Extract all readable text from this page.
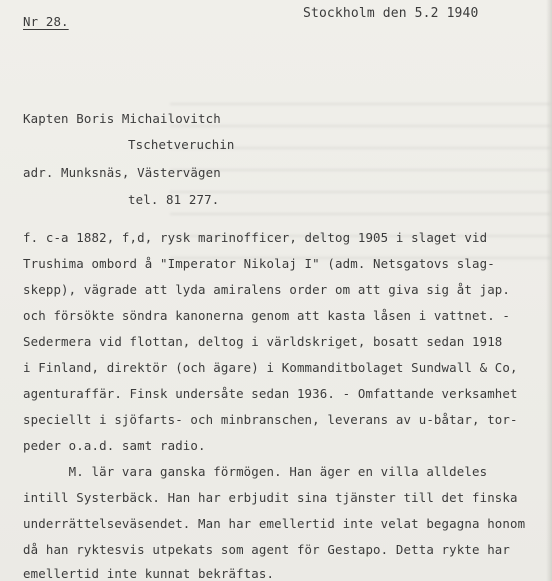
Nr 28.
Stockholm den 5.2 1940
Kapten Boris Michailovitch
Tschetveruchin
adr. Munksnäs, Västervägen
tel. 81 277.
f. c-a 1882, f,d, rysk marinofficer, deltog 1905 i slaget vid
Trushima ombord å "Imperator Nikolaj I" (adm. Netsgatovs slag-
skepp), vägrade att lyda amiralens order om att giva sig åt jap.
och försökte söndra kanonerna genom att kasta låsen i vattnet. -
Sedermera vid flottan, deltog i världskriget, bosatt sedan 1918
i Finland, direktör (och ägare) i Kommanditbolaget Sundwall & Co,
agenturaffär. Finsk undersåte sedan 1936. - Omfattande verksamhet
speciellt i sjöfarts- och minbranschen, leverans av u-båtar, tor-
peder o.a.d. samt radio.
M. lär vara ganska förmögen. Han äger en villa alldeles
intill Systerbäck. Han har erbjudit sina tjänster till det finska
underrättelseväsendet. Man har emellertid inte velat begagna honom
då han ryktesvis utpekats som agent för Gestapo. Detta rykte har
emellertid inte kunnat bekräftas.
